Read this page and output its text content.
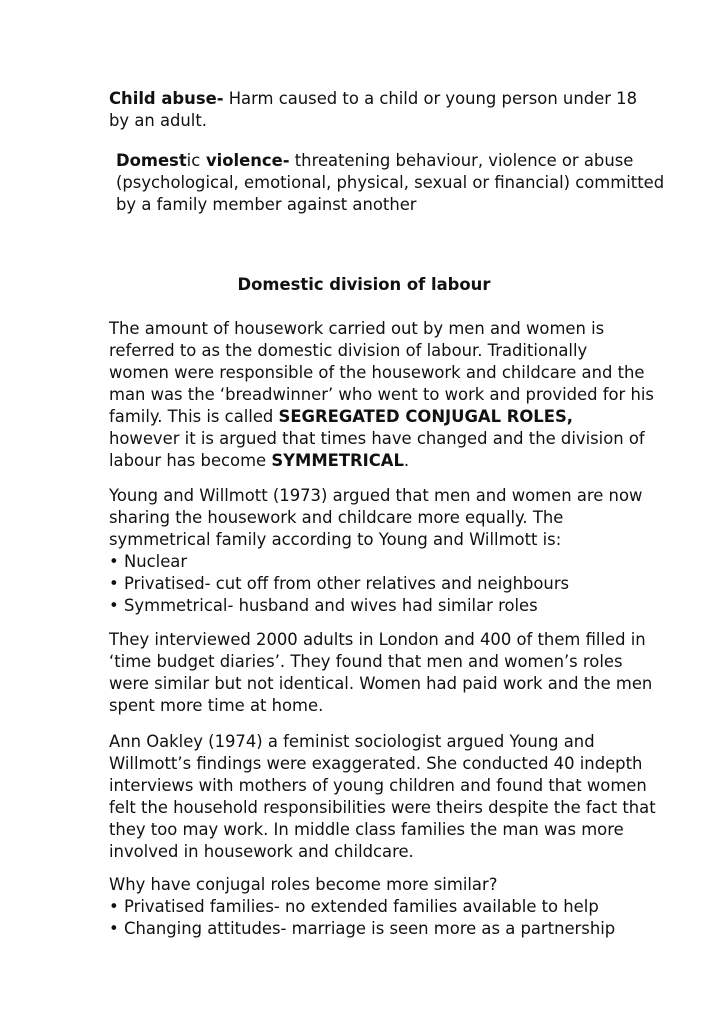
Child abuse- Harm caused to a child or young person under 18
by an adult.
Domestic violence- threatening behaviour, violence or abuse
(psychological, emotional, physical, sexual or financial) committed
by a family member against another
Domestic division of labour
The amount of housework carried out by men and women is
referred to as the domestic division of labour. Traditionally
women were responsible of the housework and childcare and the
man was the ‘breadwinner’ who went to work and provided for his
family. This is called SEGREGATED CONJUGAL ROLES,
however it is argued that times have changed and the division of
labour has become SYMMETRICAL.
Young and Willmott (1973) argued that men and women are now
sharing the housework and childcare more equally. The
symmetrical family according to Young and Willmott is:
• Nuclear
• Privatised- cut off from other relatives and neighbours
• Symmetrical- husband and wives had similar roles
They interviewed 2000 adults in London and 400 of them filled in
‘time budget diaries’. They found that men and women’s roles
were similar but not identical. Women had paid work and the men
spent more time at home.
Ann Oakley (1974) a feminist sociologist argued Young and
Willmott’s findings were exaggerated. She conducted 40 indepth
interviews with mothers of young children and found that women
felt the household responsibilities were theirs despite the fact that
they too may work. In middle class families the man was more
involved in housework and childcare.
Why have conjugal roles become more similar?
• Privatised families- no extended families available to help
• Changing attitudes- marriage is seen more as a partnership
